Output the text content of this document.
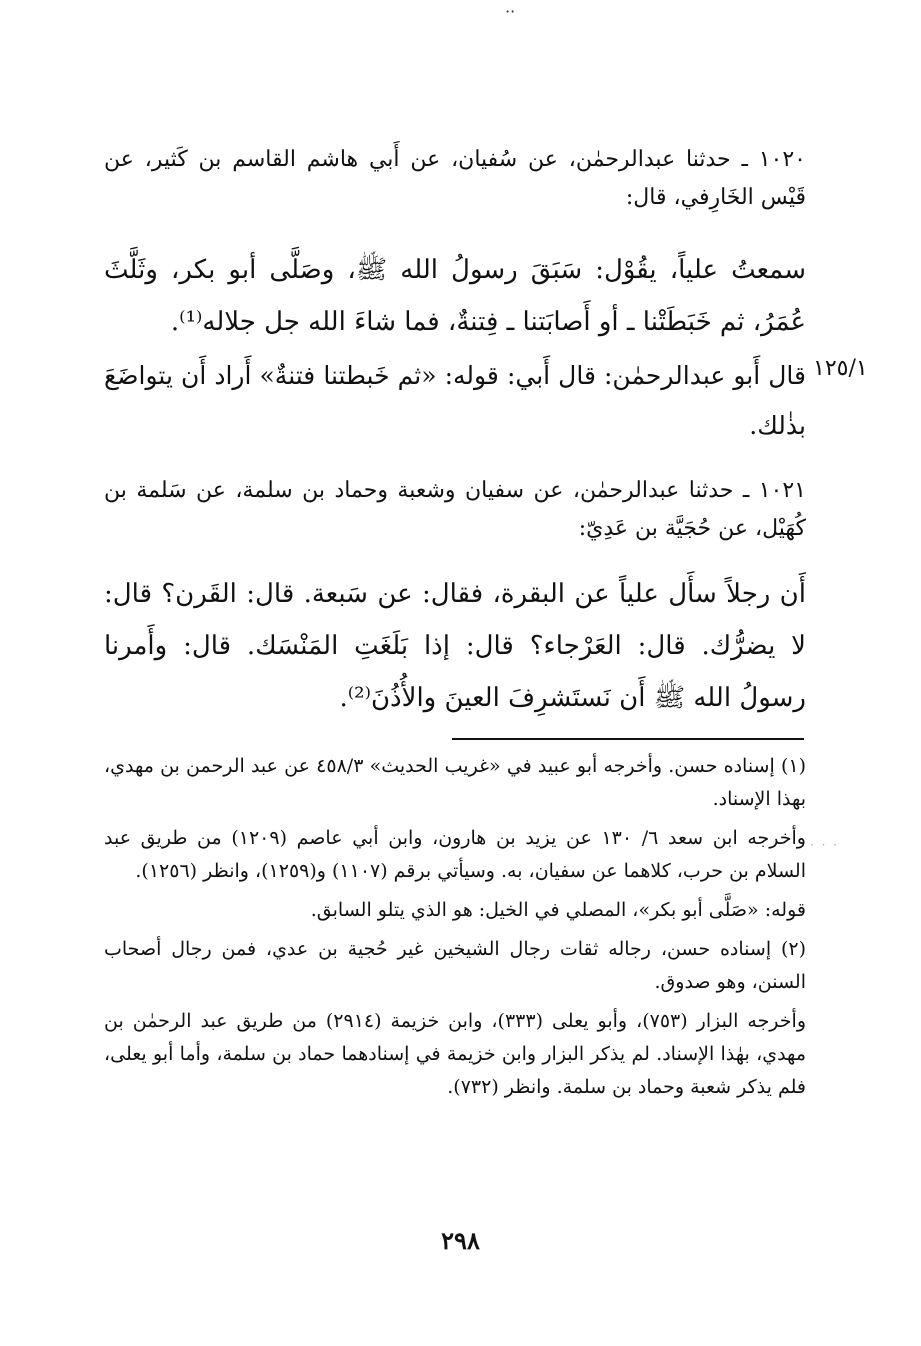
··
١٠٢٠ ـ حدثنا عبدالرحمٰن، عن سُفيان، عن أَبي هاشم القاسم بن كَثير، عن قَيْس الخَارِفي، قال:
سمعتُ علياً، يقُوْل: سَبَقَ رسولُ الله ﷺ، وصَلَّى أبو بكر، وثَلَّثَ عُمَرُ، ثم خَبَطَتْنا ـ أو أَصابَتنا ـ فِتنةٌ، فما شاءَ الله جل جلاله⁽¹⁾.
١٢٥/١
قال أَبو عبدالرحمٰن: قال أَبي: قوله: «ثم خَبطتنا فتنةٌ» أَراد أَن يتواضَعَ بذٰلك.
١٠٢١ ـ حدثنا عبدالرحمٰن، عن سفيان وشعبة وحماد بن سلمة، عن سَلمة بن كُهَيْل، عن حُجَيَّة بن عَدِيّ:
أَن رجلاً سأَل علياً عن البقرة، فقال: عن سَبعة. قال: القَرن؟ قال: لا يضرُّك. قال: العَرْجاء؟ قال: إذا بَلَغَتِ المَنْسَك. قال: وأَمرنا رسولُ الله ﷺ أَن نَستَشرِفَ العينَ والأُذُنَ⁽²⁾.

(١) إسناده حسن. وأخرجه أبو عبيد في «غريب الحديث» ٤٥٨/٣ عن عبد الرحمن بن مهدي، بهذا الإسناد.

وأخرجه ابن سعد ٦/ ١٣٠ عن يزيد بن هارون، وابن أبي عاصم (١٢٠٩) من طريق عبد السلام بن حرب، كلاهما عن سفيان، به. وسيأتي برقم (١١٠٧) و(١٢٥٩)، وانظر (١٢٥٦).

قوله: «صَلَّى أبو بكر»، المصلي في الخيل: هو الذي يتلو السابق.

(٢) إسناده حسن، رجاله ثقات رجال الشيخين غير حُجية بن عدي، فمن رجال أصحاب السنن، وهو صدوق.

وأخرجه البزار (٧٥٣)، وأبو يعلى (٣٣٣)، وابن خزيمة (٢٩١٤) من طريق عبد الرحمٰن بن مهدي، بهٰذا الإسناد. لم يذكر البزار وابن خزيمة في إسنادهما حماد بن سلمة، وأما أبو يعلى، فلم يذكر شعبة وحماد بن سلمة. وانظر (٧٣٢).

· · ·
٢٩٨
